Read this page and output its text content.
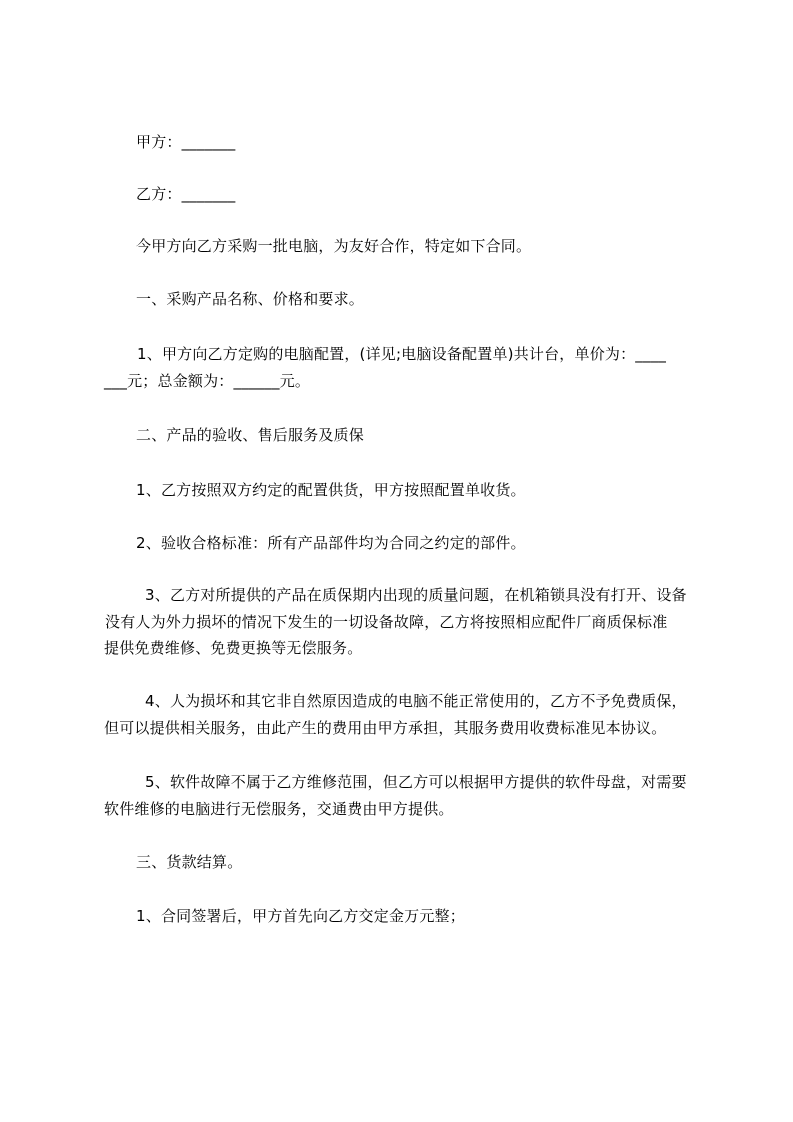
甲方：_______
乙方：_______
今甲方向乙方采购一批电脑，为友好合作，特定如下合同。
一、采购产品名称、价格和要求。
1、甲方向乙方定购的电脑配置，(详见;电脑设备配置单)共计台，单价为：____
___元；总金额为：______元。
二、产品的验收、售后服务及质保
1、乙方按照双方约定的配置供货，甲方按照配置单收货。
2、验收合格标准：所有产品部件均为合同之约定的部件。
3、乙方对所提供的产品在质保期内出现的质量问题，在机箱锁具没有打开、设备
没有人为外力损坏的情况下发生的一切设备故障，乙方将按照相应配件厂商质保标准
提供免费维修、免费更换等无偿服务。
4、人为损坏和其它非自然原因造成的电脑不能正常使用的，乙方不予免费质保，
但可以提供相关服务，由此产生的费用由甲方承担，其服务费用收费标准见本协议。
5、软件故障不属于乙方维修范围，但乙方可以根据甲方提供的软件母盘，对需要
软件维修的电脑进行无偿服务，交通费由甲方提供。
三、货款结算。
1、合同签署后，甲方首先向乙方交定金万元整；
